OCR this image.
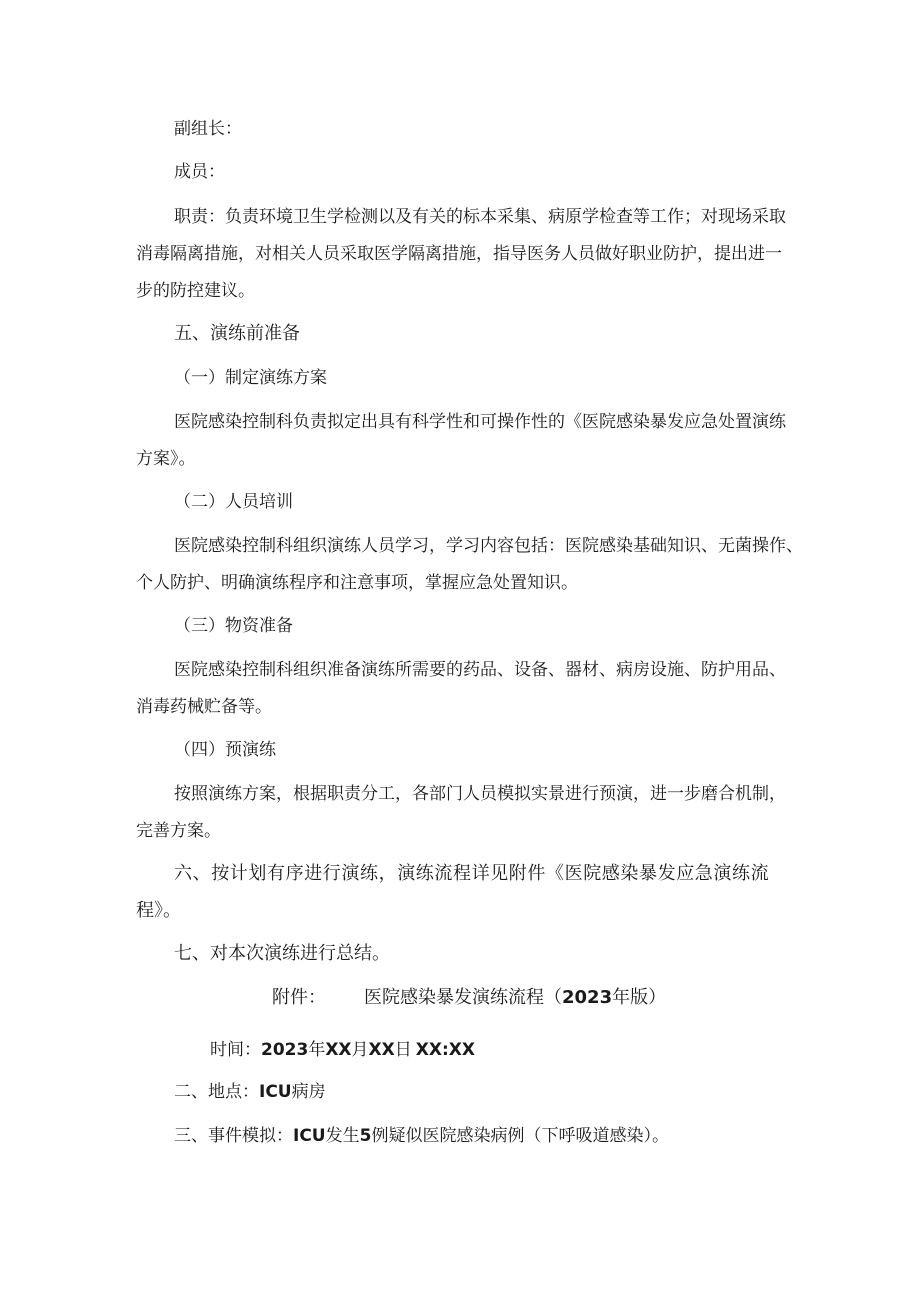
副组长：

成员：

职责：负责环境卫生学检测以及有关的标本采集、病原学检查等工作；对现场采取

消毒隔离措施，对相关人员采取医学隔离措施，指导医务人员做好职业防护，提出进一

步的防控建议。

五、演练前准备

（一）制定演练方案

医院感染控制科负责拟定出具有科学性和可操作性的《医院感染暴发应急处置演练

方案》。

（二）人员培训

医院感染控制科组织演练人员学习，学习内容包括：医院感染基础知识、无菌操作、

个人防护、明确演练程序和注意事项，掌握应急处置知识。

（三）物资准备

医院感染控制科组织准备演练所需要的药品、设备、器材、病房设施、防护用品、

消毒药械贮备等。

（四）预演练

按照演练方案，根据职责分工，各部门人员模拟实景进行预演，进一步磨合机制，

完善方案。

六、按计划有序进行演练，演练流程详见附件《医院感染暴发应急演练流

程》。

七、对本次演练进行总结。

附件： 医院感染暴发演练流程（2023年版）

时间：2023年XX月XX日 XX:XX

二、地点：ICU病房

三、事件模拟：ICU发生5例疑似医院感染病例（下呼吸道感染）。
